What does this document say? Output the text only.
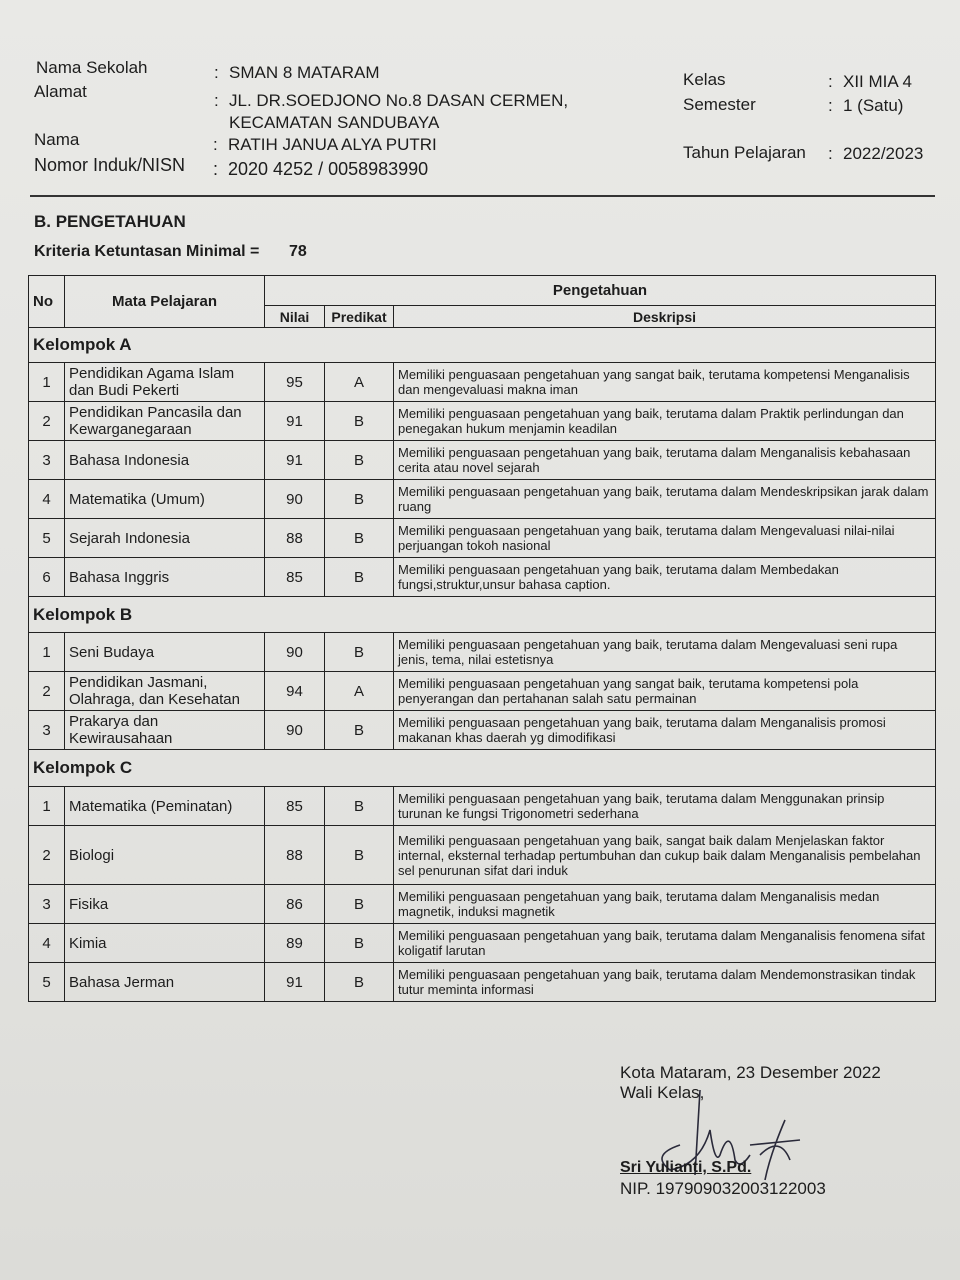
Nama Sekolah	: SMAN 8 MATARAM
Alamat	: JL. DR.SOEDJONO No.8 DASAN CERMEN,
KECAMATAN SANDUBAYA
Nama	: RATIH JANUA ALYA PUTRI
Nomor Induk/NISN : 2020 4252 / 0058983990
Kelas	: XII MIA 4
Semester	: 1 (Satu)
Tahun Pelajaran : 2022/2023
B. PENGETAHUAN
Kriteria Ketuntasan Minimal = 78
No	Mata Pelajaran	Pengetahuan		
		Nilai	Predikat	Deskripsi
Kelompok A				
1	Pendidikan Agama Islam dan Budi Pekerti	95	A	Memiliki penguasaan pengetahuan yang sangat baik, terutama kompetensi Menganalisis dan mengevaluasi makna iman
2	Pendidikan Pancasila dan Kewarganegaraan	91	B	Memiliki penguasaan pengetahuan yang baik, terutama dalam Praktik perlindungan dan penegakan hukum menjamin keadilan
3	Bahasa Indonesia	91	B	Memiliki penguasaan pengetahuan yang baik, terutama dalam Menganalisis kebahasaan cerita atau novel sejarah
4	Matematika (Umum)	90	B	Memiliki penguasaan pengetahuan yang baik, terutama dalam Mendeskripsikan jarak dalam ruang
5	Sejarah Indonesia	88	B	Memiliki penguasaan pengetahuan yang baik, terutama dalam Mengevaluasi nilai-nilai perjuangan tokoh nasional
6	Bahasa Inggris	85	B	Memiliki penguasaan pengetahuan yang baik, terutama dalam Membedakan fungsi,struktur,unsur bahasa caption.
Kelompok B				
1	Seni Budaya	90	B	Memiliki penguasaan pengetahuan yang baik, terutama dalam Mengevaluasi seni rupa jenis, tema, nilai estetisnya
2	Pendidikan Jasmani, Olahraga, dan Kesehatan	94	A	Memiliki penguasaan pengetahuan yang sangat baik, terutama kompetensi pola penyerangan dan pertahanan salah satu permainan
3	Prakarya dan Kewirausahaan	90	B	Memiliki penguasaan pengetahuan yang baik, terutama dalam Menganalisis promosi makanan khas daerah yg dimodifikasi
Kelompok C				
1	Matematika (Peminatan)	85	B	Memiliki penguasaan pengetahuan yang baik, terutama dalam Menggunakan prinsip turunan ke fungsi Trigonometri sederhana
2	Biologi	88	B	Memiliki penguasaan pengetahuan yang baik, sangat baik dalam Menjelaskan faktor internal, eksternal terhadap pertumbuhan dan cukup baik dalam Menganalisis pembelahan sel penurunan sifat dari induk
3	Fisika	86	B	Memiliki penguasaan pengetahuan yang baik, terutama dalam Menganalisis medan magnetik, induksi magnetik
4	Kimia	89	B	Memiliki penguasaan pengetahuan yang baik, terutama dalam Menganalisis fenomena sifat koligatif larutan
5	Bahasa Jerman	91	B	Memiliki penguasaan pengetahuan yang baik, terutama dalam Mendemonstrasikan tindak tutur meminta informasi
Kota Mataram, 23 Desember 2022
Wali Kelas,
Sri Yulianti, S.Pd.
NIP. 197909032003122003
